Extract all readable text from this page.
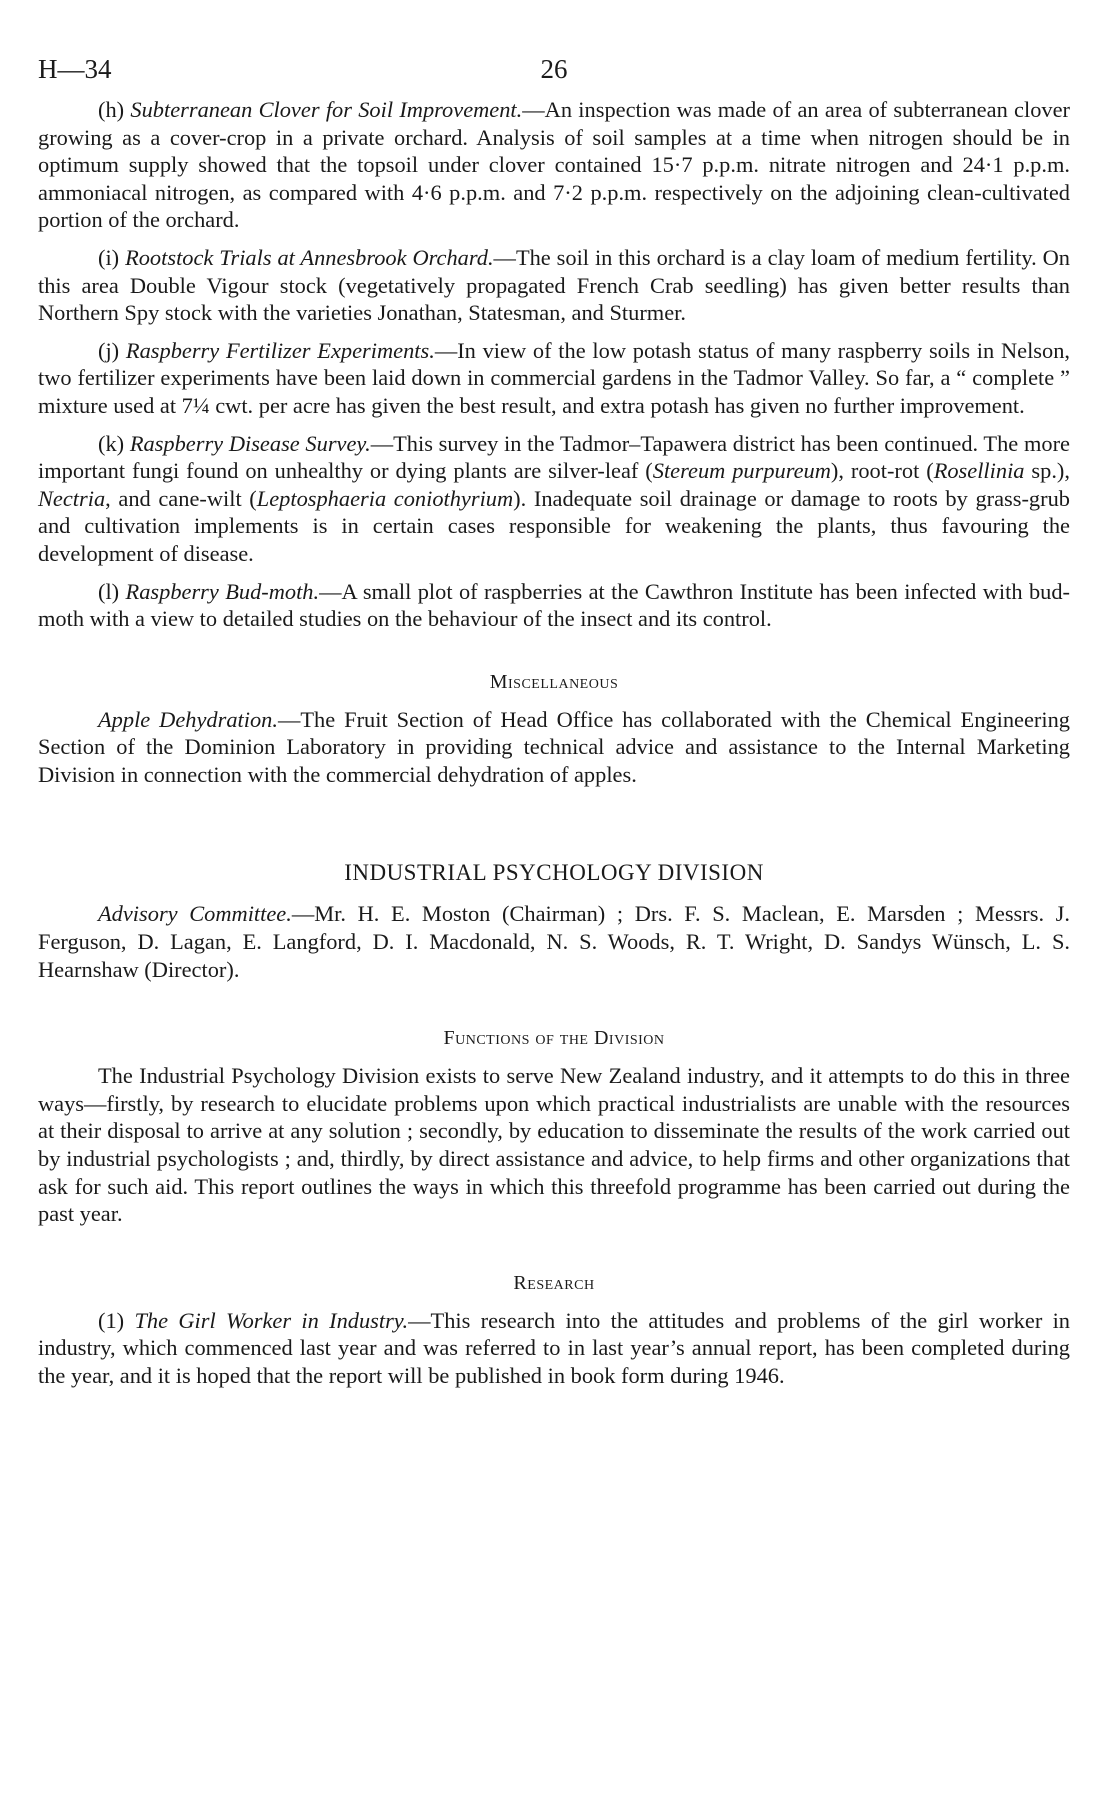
H—34	26

(h) Subterranean Clover for Soil Improvement.—An inspection was made of an area of subterranean clover growing as a cover-crop in a private orchard. Analysis of soil samples at a time when nitrogen should be in optimum supply showed that the topsoil under clover contained 15·7 p.p.m. nitrate nitrogen and 24·1 p.p.m. ammoniacal nitrogen, as compared with 4·6 p.p.m. and 7·2 p.p.m. respectively on the adjoining clean-cultivated portion of the orchard.

(i) Rootstock Trials at Annesbrook Orchard.—The soil in this orchard is a clay loam of medium fertility. On this area Double Vigour stock (vegetatively propagated French Crab seedling) has given better results than Northern Spy stock with the varieties Jonathan, Statesman, and Sturmer.

(j) Raspberry Fertilizer Experiments.—In view of the low potash status of many raspberry soils in Nelson, two fertilizer experiments have been laid down in commercial gardens in the Tadmor Valley. So far, a “ complete ” mixture used at 7¼ cwt. per acre has given the best result, and extra potash has given no further improvement.

(k) Raspberry Disease Survey.—This survey in the Tadmor–Tapawera district has been continued. The more important fungi found on unhealthy or dying plants are silver-leaf (Stereum purpureum), root-rot (Rosellinia sp.), Nectria, and cane-wilt (Leptosphaeria coniothyrium). Inadequate soil drainage or damage to roots by grass-grub and cultivation implements is in certain cases responsible for weakening the plants, thus favouring the development of disease.

(l) Raspberry Bud-moth.—A small plot of raspberries at the Cawthron Institute has been infected with bud-moth with a view to detailed studies on the behaviour of the insect and its control.

Miscellaneous

Apple Dehydration.—The Fruit Section of Head Office has collaborated with the Chemical Engineering Section of the Dominion Laboratory in providing technical advice and assistance to the Internal Marketing Division in connection with the commercial dehydration of apples.

INDUSTRIAL PSYCHOLOGY DIVISION

Advisory Committee.—Mr. H. E. Moston (Chairman) ; Drs. F. S. Maclean, E. Marsden ; Messrs. J. Ferguson, D. Lagan, E. Langford, D. I. Macdonald, N. S. Woods, R. T. Wright, D. Sandys Wünsch, L. S. Hearnshaw (Director).

Functions of the Division

The Industrial Psychology Division exists to serve New Zealand industry, and it attempts to do this in three ways—firstly, by research to elucidate problems upon which practical industrialists are unable with the resources at their disposal to arrive at any solution ; secondly, by education to disseminate the results of the work carried out by industrial psychologists ; and, thirdly, by direct assistance and advice, to help firms and other organizations that ask for such aid. This report outlines the ways in which this threefold programme has been carried out during the past year.

Research

(1) The Girl Worker in Industry.—This research into the attitudes and problems of the girl worker in industry, which commenced last year and was referred to in last year’s annual report, has been completed during the year, and it is hoped that the report will be published in book form during 1946.
